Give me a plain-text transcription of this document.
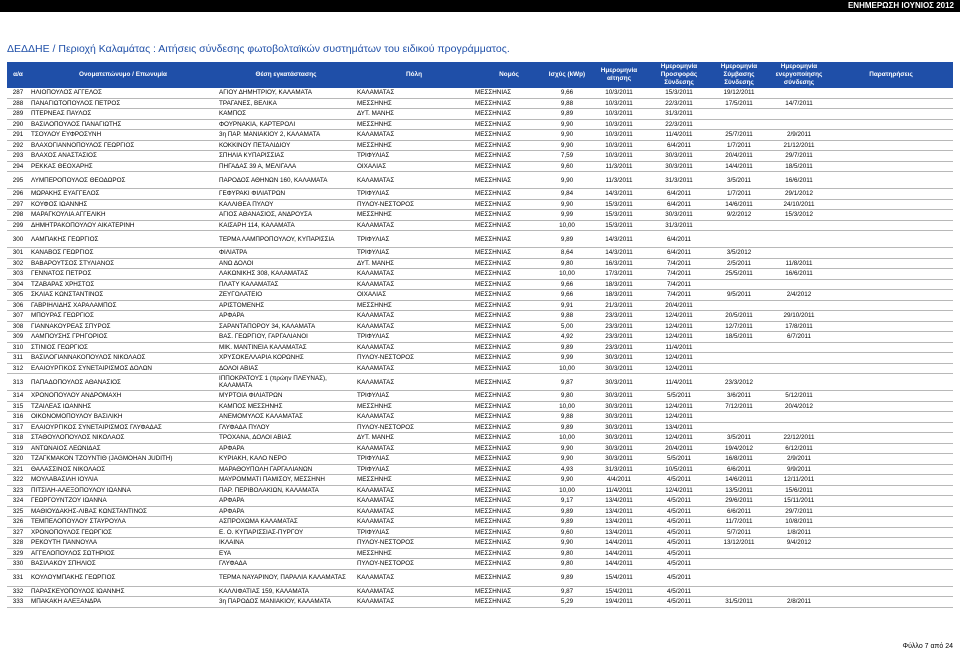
ΕΝΗΜΕΡΩΣΗ ΙΟΥΝΙΟΣ 2012
ΔΕΔΔΗΕ / Περιοχή Καλαμάτας : Αιτήσεις σύνδεσης φωτοβολταϊκών συστημάτων του ειδικού προγράμματος.
α/α	Ονοματεπώνυμο / Επωνυμία	Θέση εγκατάστασης	Πόλη	Νομός	Ισχύς (kWp)	Ημερομηνία αίτησης	Ημερομηνία Προσφοράς Σύνδεσης	Ημερομηνία Σύμβασης Σύνδεσης	Ημερομηνία ενεργοποίησης σύνδεσης	Παρατηρήσεις
287	ΗΛΙΟΠΟΥΛΟΣ ΑΓΓΕΛΟΣ	ΑΓΙΟΥ ΔΗΜΗΤΡΙΟΥ, ΚΑΛΑΜΑΤΑ	ΚΑΛΑΜΑΤΑΣ	ΜΕΣΣΗΝΙΑΣ	9,66	10/3/2011	15/3/2011	19/12/2011		
288	ΠΑΝΑΓΙΩΤΟΠΟΥΛΟΣ ΠΕΤΡΟΣ	ΤΡΑΓΑΝΕΣ, ΒΕΛΙΚΑ	ΜΕΣΣΗΝΗΣ	ΜΕΣΣΗΝΙΑΣ	9,88	10/3/2011	22/3/2011	17/5/2011	14/7/2011	
289	ΠΤΕΡΝΕΑΣ ΠΑΥΛΟΣ	ΚΑΜΠΟΣ	ΔΥΤ. ΜΑΝΗΣ	ΜΕΣΣΗΝΙΑΣ	9,89	10/3/2011	31/3/2011			
290	ΒΑΣΙΛΟΠΟΥΛΟΣ ΠΑΝΑΓΙΩΤΗΣ	ΦΟΥΡΝΑΚΙΑ, ΚΑΡΤΕΡΟΛΙ	ΜΕΣΣΗΝΗΣ	ΜΕΣΣΗΝΙΑΣ	9,90	10/3/2011	22/3/2011			
291	ΤΣΟΥΛΟΥ ΕΥΦΡΟΣΥΝΗ	3η ΠΑΡ. ΜΑΝΙΑΚΙΟΥ 2, ΚΑΛΑΜΑΤΑ	ΚΑΛΑΜΑΤΑΣ	ΜΕΣΣΗΝΙΑΣ	9,90	10/3/2011	11/4/2011	25/7/2011	2/9/2011	
292	ΒΛΑΧΟΓΙΑΝΝΟΠΟΥΛΟΣ ΓΕΩΡΓΙΟΣ	ΚΟΚΚΙΝΟΥ ΠΕΤΑΛΙΔΙΟΥ	ΜΕΣΣΗΝΗΣ	ΜΕΣΣΗΝΙΑΣ	9,90	10/3/2011	6/4/2011	1/7/2011	21/12/2011	
293	ΒΛΑΧΟΣ ΑΝΑΣΤΑΣΙΟΣ	ΣΠΗΛΙΑ ΚΥΠΑΡΙΣΣΙΑΣ	ΤΡΙΦΥΛΙΑΣ	ΜΕΣΣΗΝΙΑΣ	7,59	10/3/2011	30/3/2011	20/4/2011	29/7/2011	
294	ΡΕΚΚΑΣ ΘΕΟΧΑΡΗΣ	ΠΗΓΑΔΑΣ 39 Α, ΜΕΛΙΓΑΛΑ	ΟΙΧΑΛΙΑΣ	ΜΕΣΣΗΝΙΑΣ	9,60	11/3/2011	30/3/2011	14/4/2011	18/5/2011	
295	ΛΥΜΠΕΡΟΠΟΥΛΟΣ ΘΕΟΔΩΡΟΣ	ΠΑΡΟΔΟΣ ΑΘΗΝΩΝ 160, ΚΑΛΑΜΑΤΑ	ΚΑΛΑΜΑΤΑΣ	ΜΕΣΣΗΝΙΑΣ	9,90	11/3/2011	31/3/2011	3/5/2011	16/6/2011	
296	ΜΩΡΑΚΗΣ ΕΥΑΓΓΕΛΟΣ	ΓΕΦΥΡΑΚΙ ΦΙΛΙΑΤΡΩΝ	ΤΡΙΦΥΛΙΑΣ	ΜΕΣΣΗΝΙΑΣ	9,84	14/3/2011	6/4/2011	1/7/2011	29/1/2012	
297	ΚΟΥΦΟΣ ΙΩΑΝΝΗΣ	ΚΑΛΛΙΘΕΑ ΠΥΛΟΥ	ΠΥΛΟΥ-ΝΕΣΤΟΡΟΣ	ΜΕΣΣΗΝΙΑΣ	9,90	15/3/2011	6/4/2011	14/6/2011	24/10/2011	
298	ΜΑΡΑΓΚΟΥΛΙΑ ΑΓΓΕΛΙΚΗ	ΑΓΙΟΣ ΑΘΑΝΑΣΙΟΣ, ΑΝΔΡΟΥΣΑ	ΜΕΣΣΗΝΗΣ	ΜΕΣΣΗΝΙΑΣ	9,99	15/3/2011	30/3/2011	9/2/2012	15/3/2012	
299	ΔΗΜΗΤΡΑΚΟΠΟΥΛΟΥ ΑΙΚΑΤΕΡΙΝΗ	ΚΑΙΣΑΡΗ 114, ΚΑΛΑΜΑΤΑ	ΚΑΛΑΜΑΤΑΣ	ΜΕΣΣΗΝΙΑΣ	10,00	15/3/2011	31/3/2011			
300	ΛΑΜΠΑΚΗΣ ΓΕΩΡΓΙΟΣ	ΤΕΡΜΑ ΛΑΜΠΡΟΠΟΥΛΟΥ, ΚΥΠΑΡΙΣΣΙΑ	ΤΡΙΦΥΛΙΑΣ	ΜΕΣΣΗΝΙΑΣ	9,89	14/3/2011	6/4/2011			
301	ΚΑΝΑΒΟΣ ΓΕΩΡΓΙΟΣ	ΦΙΛΙΑΤΡΑ	ΤΡΙΦΥΛΙΑΣ	ΜΕΣΣΗΝΙΑΣ	8,64	14/3/2011	6/4/2011	3/5/2012		
302	ΒΑΒΑΡΟΥΤΣΟΣ ΣΤΥΛΙΑΝΟΣ	ΑΝΩ ΔΟΛΟΙ	ΔΥΤ. ΜΑΝΗΣ	ΜΕΣΣΗΝΙΑΣ	9,80	16/3/2011	7/4/2011	2/5/2011	11/8/2011	
303	ΓΕΝΝΑΤΟΣ ΠΕΤΡΟΣ	ΛΑΚΩΝΙΚΗΣ 308, ΚΑΛΑΜΑΤΑΣ	ΚΑΛΑΜΑΤΑΣ	ΜΕΣΣΗΝΙΑΣ	10,00	17/3/2011	7/4/2011	25/5/2011	16/6/2011	
304	ΤΖΑΒΑΡΑΣ ΧΡΗΣΤΟΣ	ΠΛΑΤΥ ΚΑΛΑΜΑΤΑΣ	ΚΑΛΑΜΑΤΑΣ	ΜΕΣΣΗΝΙΑΣ	9,66	18/3/2011	7/4/2011			
305	ΣΚΛΙΑΣ ΚΩΝΣΤΑΝΤΙΝΟΣ	ΖΕΥΓΟΛΑΤΕΙΟ	ΟΙΧΑΛΙΑΣ	ΜΕΣΣΗΝΙΑΣ	9,66	18/3/2011	7/4/2011	9/5/2011	2/4/2012	
306	ΓΑΒΡΙΗΛΙΔΗΣ ΧΑΡΑΛΑΜΠΟΣ	ΑΡΙΣΤΟΜΕΝΗΣ	ΜΕΣΣΗΝΗΣ	ΜΕΣΣΗΝΙΑΣ	9,91	21/3/2011	20/4/2011			
307	ΜΠΟΥΡΑΣ ΓΕΩΡΓΙΟΣ	ΑΡΦΑΡΑ	ΚΑΛΑΜΑΤΑΣ	ΜΕΣΣΗΝΙΑΣ	9,88	23/3/2011	12/4/2011	20/5/2011	29/10/2011	
308	ΓΙΑΝΝΑΚΟΥΡΕΑΣ ΣΠΥΡΟΣ	ΣΑΡΑΝΤΑΠΟΡΟΥ 34, ΚΑΛΑΜΑΤΑ	ΚΑΛΑΜΑΤΑΣ	ΜΕΣΣΗΝΙΑΣ	5,00	23/3/2011	12/4/2011	12/7/2011	17/8/2011	
309	ΛΑΜΠΟΥΣΗΣ ΓΡΗΓΟΡΙΟΣ	ΒΑΣ. ΓΕΩΡΓΙΟΥ, ΓΑΡΓΑΛΙΑΝΟΙ	ΤΡΙΦΥΛΙΑΣ	ΜΕΣΣΗΝΙΑΣ	4,92	23/3/2011	12/4/2011	18/5/2011	6/7/2011	
310	ΣΤΙΝΙΟΣ ΓΕΩΡΓΙΟΣ	ΜΙΚ. ΜΑΝΤΙΝΕΙΑ ΚΑΛΑΜΑΤΑΣ	ΚΑΛΑΜΑΤΑΣ	ΜΕΣΣΗΝΙΑΣ	9,89	23/3/2011	11/4/2011			
311	ΒΑΣΙΛΟΓΙΑΝΝΑΚΟΠΟΥΛΟΣ ΝΙΚΟΛΑΟΣ	ΧΡΥΣΟΚΕΛΛΑΡΙΑ ΚΟΡΩΝΗΣ	ΠΥΛΟΥ-ΝΕΣΤΟΡΟΣ	ΜΕΣΣΗΝΙΑΣ	9,99	30/3/2011	12/4/2011			
312	ΕΛΑΙΟΥΡΓΙΚΟΣ ΣΥΝΕΤΑΙΡΙΣΜΟΣ ΔΟΛΩΝ	ΔΟΛΟΙ ΑΒΙΑΣ	ΚΑΛΑΜΑΤΑΣ	ΜΕΣΣΗΝΙΑΣ	10,00	30/3/2011	12/4/2011			
313	ΠΑΠΑΔΟΠΟΥΛΟΣ ΑΘΑΝΑΣΙΟΣ	ΙΠΠΟΚΡΑΤΟΥΣ 1 (πρώην ΠΛΕΥΝΑΣ), ΚΑΛΑΜΑΤΑ	ΚΑΛΑΜΑΤΑΣ	ΜΕΣΣΗΝΙΑΣ	9,87	30/3/2011	11/4/2011	23/3/2012		
314	ΧΡΟΝΟΠΟΥΛΟΥ ΑΝΔΡΟΜΑΧΗ	ΜΥΡΤΟΙΑ ΦΙΛΙΑΤΡΩΝ	ΤΡΙΦΥΛΙΑΣ	ΜΕΣΣΗΝΙΑΣ	9,80	30/3/2011	5/5/2011	3/6/2011	5/12/2011	
315	ΤΖΑΙΛΕΑΣ ΙΩΑΝΝΗΣ	ΚΑΜΠΟΣ ΜΕΣΣΗΝΗΣ	ΜΕΣΣΗΝΗΣ	ΜΕΣΣΗΝΙΑΣ	10,00	30/3/2011	12/4/2011	7/12/2011	20/4/2012	
316	ΟΙΚΟΝΟΜΟΠΟΥΛΟΥ ΒΑΣΙΛΙΚΗ	ΑΝΕΜΟΜΥΛΟΣ ΚΑΛΑΜΑΤΑΣ	ΚΑΛΑΜΑΤΑΣ	ΜΕΣΣΗΝΙΑΣ	9,88	30/3/2011	12/4/2011			
317	ΕΛΑΙΟΥΡΓΙΚΟΣ ΣΥΝΕΤΑΙΡΙΣΜΟΣ ΓΛΥΦΑΔΑΣ	ΓΛΥΦΑΔΑ ΠΥΛΟΥ	ΠΥΛΟΥ-ΝΕΣΤΟΡΟΣ	ΜΕΣΣΗΝΙΑΣ	9,89	30/3/2011	13/4/2011			
318	ΣΤΑΘΟΥΛΟΠΟΥΛΟΣ ΝΙΚΟΛΑΟΣ	ΤΡΟΧΑΝΑ, ΔΟΛΟΙ ΑΒΙΑΣ	ΔΥΤ. ΜΑΝΗΣ	ΜΕΣΣΗΝΙΑΣ	10,00	30/3/2011	12/4/2011	3/5/2011	22/12/2011	
319	ΑΝΤΩΝΑΙΟΣ ΛΕΩΝΙΔΑΣ	ΑΡΦΑΡΑ	ΚΑΛΑΜΑΤΑΣ	ΜΕΣΣΗΝΙΑΣ	9,90	30/3/2011	20/4/2011	19/4/2012	6/12/2011	
320	ΤΖΑΓΚΜΑΚΟΝ ΤΖΟΥΝΤΙΘ (JAGMOHAN JUDITH)	ΚΥΡΙΑΚΗ, ΚΑΛΟ ΝΕΡΟ	ΤΡΙΦΥΛΙΑΣ	ΜΕΣΣΗΝΙΑΣ	9,90	30/3/2011	5/5/2011	16/8/2011	2/9/2011	
321	ΘΑΛΑΣΣΙΝΟΣ ΝΙΚΟΛΑΟΣ	ΜΑΡΑΘΟΥΠΟΛΗ ΓΑΡΓΑΛΙΑΝΩΝ	ΤΡΙΦΥΛΙΑΣ	ΜΕΣΣΗΝΙΑΣ	4,93	31/3/2011	10/5/2011	6/6/2011	9/9/2011	
322	ΜΟΥΛΑΒΑΣΙΛΗ ΙΟΥΛΙΑ	ΜΑΥΡΟΜΜΑΤΙ ΠΑΜΙΣΟΥ, ΜΕΣΣΗΝΗ	ΜΕΣΣΗΝΗΣ	ΜΕΣΣΗΝΙΑΣ	9,90	4/4/2011	4/5/2011	14/6/2011	12/11/2011	
323	ΠΙΤΣΙΛΗ-ΑΛΕΞΟΠΟΥΛΟΥ ΙΩΑΝΝΑ	ΠΑΡ. ΠΕΡΙΒΟΛΑΚΙΩΝ, ΚΑΛΑΜΑΤΑ	ΚΑΛΑΜΑΤΑΣ	ΜΕΣΣΗΝΙΑΣ	10,00	11/4/2011	12/4/2011	13/5/2011	15/6/2011	
324	ΓΕΩΡΓΟΥΝΤΖΟΥ ΙΩΑΝΝΑ	ΑΡΦΑΡΑ	ΚΑΛΑΜΑΤΑΣ	ΜΕΣΣΗΝΙΑΣ	9,17	13/4/2011	4/5/2011	29/6/2011	15/11/2011	
325	ΜΑΘΙΟΥΔΑΚΗΣ-ΛΙΒΑΣ ΚΩΝΣΤΑΝΤΙΝΟΣ	ΑΡΦΑΡΑ	ΚΑΛΑΜΑΤΑΣ	ΜΕΣΣΗΝΙΑΣ	9,89	13/4/2011	4/5/2011	6/6/2011	29/7/2011	
326	ΤΕΜΠΕΛΟΠΟΥΛΟΥ ΣΤΑΥΡΟΥΛΑ	ΑΣΠΡΟΧΩΜΑ ΚΑΛΑΜΑΤΑΣ	ΚΑΛΑΜΑΤΑΣ	ΜΕΣΣΗΝΙΑΣ	9,89	13/4/2011	4/5/2011	11/7/2011	10/8/2011	
327	ΧΡΟΝΟΠΟΥΛΟΣ ΓΕΩΡΓΙΟΣ	Ε. Ο. ΚΥΠΑΡΙΣΣΙΑΣ-ΠΥΡΓΟΥ	ΤΡΙΦΥΛΙΑΣ	ΜΕΣΣΗΝΙΑΣ	9,60	13/4/2011	4/5/2011	5/7/2011	1/8/2011	
328	ΡΕΚΟΥΤΗ ΠΑΝΝΟΥΛΑ	ΙΚΛΑΙΝΑ	ΠΥΛΟΥ-ΝΕΣΤΟΡΟΣ	ΜΕΣΣΗΝΙΑΣ	9,90	14/4/2011	4/5/2011	13/12/2011	9/4/2012	
329	ΑΓΓΕΛΟΠΟΥΛΟΣ ΣΩΤΗΡΙΟΣ	ΕΥΑ	ΜΕΣΣΗΝΗΣ	ΜΕΣΣΗΝΙΑΣ	9,80	14/4/2011	4/5/2011			
330	ΒΑΣΙΛΑΚΟΥ ΣΠΗΛΙΟΣ	ΓΛΥΦΑΔΑ	ΠΥΛΟΥ-ΝΕΣΤΟΡΟΣ	ΜΕΣΣΗΝΙΑΣ	9,80	14/4/2011	4/5/2011			
331	ΚΟΥΛΟΥΜΠΑΚΗΣ ΓΕΩΡΓΙΟΣ	ΤΕΡΜΑ ΝΑΥΑΡΙΝΟΥ, ΠΑΡΑΛΙΑ ΚΑΛΑΜΑΤΑΣ	ΚΑΛΑΜΑΤΑΣ	ΜΕΣΣΗΝΙΑΣ	9,89	15/4/2011	4/5/2011			
332	ΠΑΡΑΣΚΕΥΟΠΟΥΛΟΣ ΙΩΑΝΝΗΣ	ΚΑΛΛΙΦΑΤΙΑΣ 159, ΚΑΛΑΜΑΤΑ	ΚΑΛΑΜΑΤΑΣ	ΜΕΣΣΗΝΙΑΣ	9,87	15/4/2011	4/5/2011			
333	ΜΠΑΚΑΚΗ ΑΛΕΞΑΝΔΡΑ	3η ΠΑΡΟΔΟΣ ΜΑΝΙΑΚΙΟΥ, ΚΑΛΑΜΑΤΑ	ΚΑΛΑΜΑΤΑΣ	ΜΕΣΣΗΝΙΑΣ	5,29	19/4/2011	4/5/2011	31/5/2011	2/8/2011	
Φύλλο 7 από 24
